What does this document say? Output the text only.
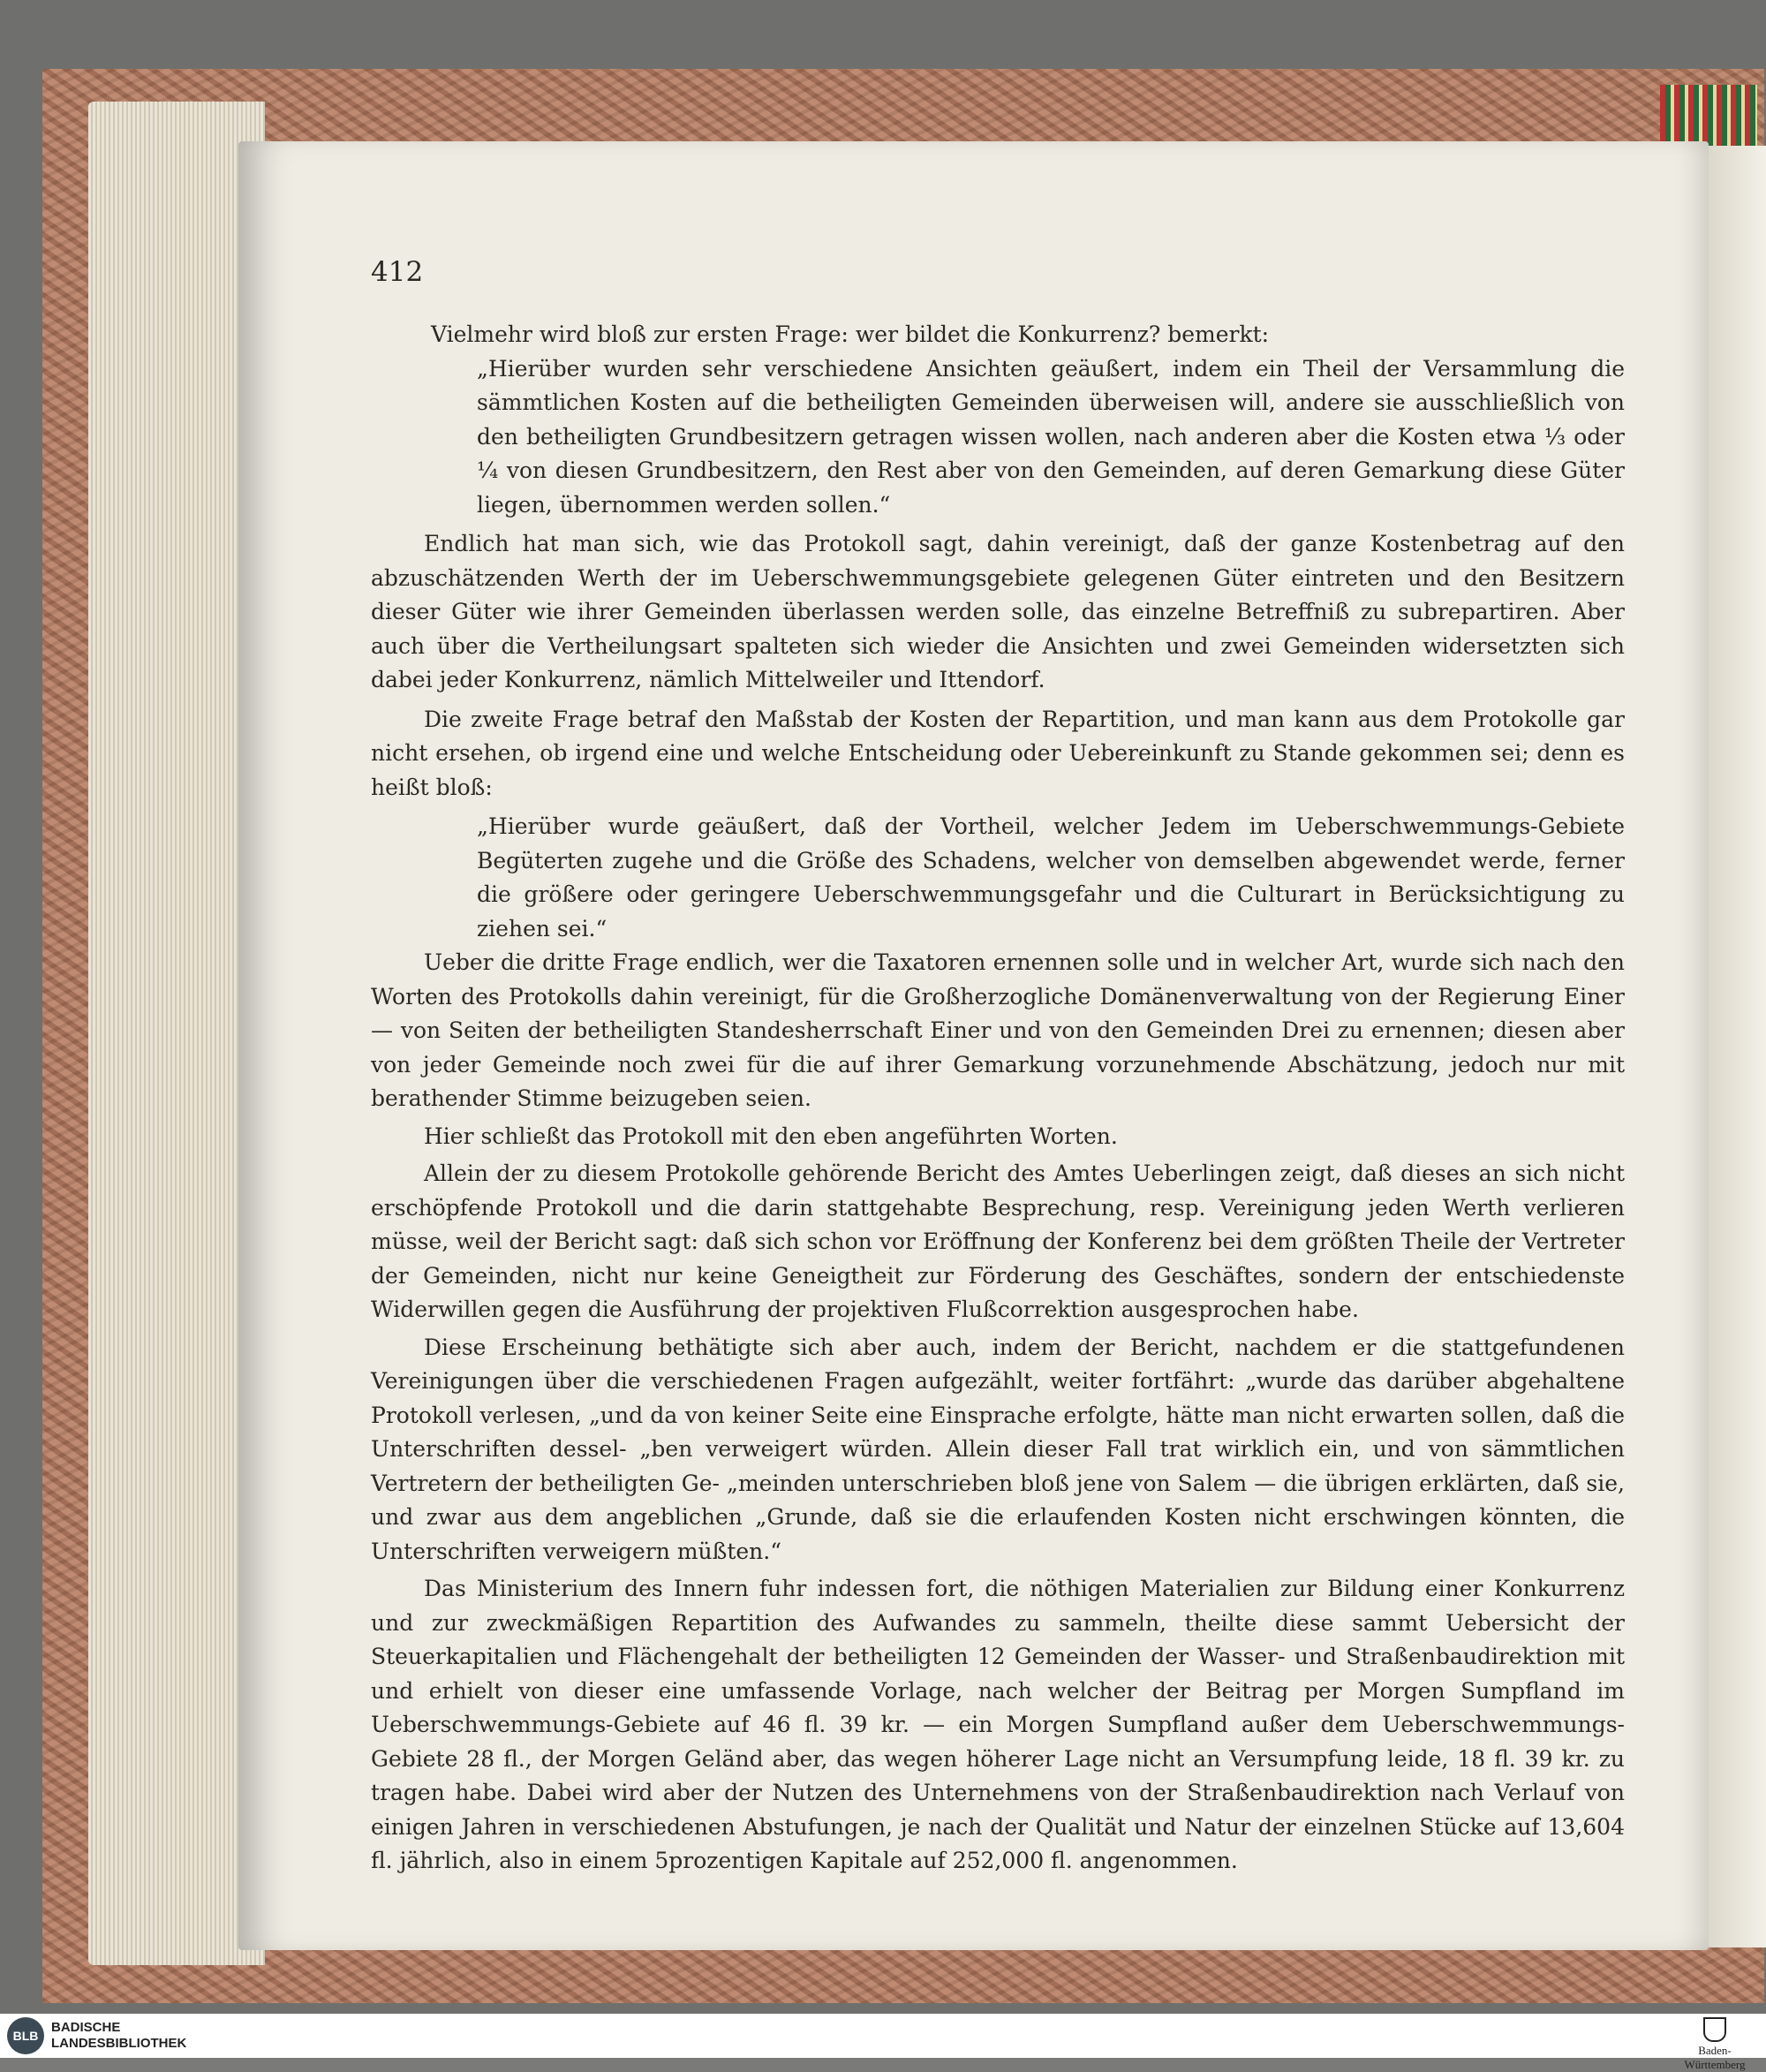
412

Vielmehr wird bloß zur ersten Frage: wer bildet die Konkurrenz? bemerkt:

„Hierüber wurden sehr verschiedene Ansichten geäußert, indem ein Theil der Versammlung die sämmtlichen Kosten auf die betheiligten Gemeinden überweisen will, andere sie ausschließlich von den betheiligten Grundbesitzern getragen wissen wollen, nach anderen aber die Kosten etwa ⅓ oder ¼ von diesen Grundbesitzern, den Rest aber von den Gemeinden, auf deren Gemarkung diese Güter liegen, übernommen werden sollen.“

Endlich hat man sich, wie das Protokoll sagt, dahin vereinigt, daß der ganze Kostenbetrag auf den abzuschätzenden Werth der im Ueberschwemmungsgebiete gelegenen Güter eintreten und den Besitzern dieser Güter wie ihrer Gemeinden überlassen werden solle, das einzelne Betreffniß zu subrepartiren. Aber auch über die Vertheilungsart spalteten sich wieder die Ansichten und zwei Gemeinden widersetzten sich dabei jeder Konkurrenz, nämlich Mittelweiler und Ittendorf.

Die zweite Frage betraf den Maßstab der Kosten der Repartition, und man kann aus dem Protokolle gar nicht ersehen, ob irgend eine und welche Entscheidung oder Uebereinkunft zu Stande gekommen sei; denn es heißt bloß:

„Hierüber wurde geäußert, daß der Vortheil, welcher Jedem im Ueberschwemmungs-Gebiete Begüterten zugehe und die Größe des Schadens, welcher von demselben abgewendet werde, ferner die größere oder geringere Ueberschwemmungsgefahr und die Culturart in Berücksichtigung zu ziehen sei.“

Ueber die dritte Frage endlich, wer die Taxatoren ernennen solle und in welcher Art, wurde sich nach den Worten des Protokolls dahin vereinigt, für die Großherzogliche Domänenverwaltung von der Regierung Einer — von Seiten der betheiligten Standesherrschaft Einer und von den Gemeinden Drei zu ernennen; diesen aber von jeder Gemeinde noch zwei für die auf ihrer Gemarkung vorzunehmende Abschätzung, jedoch nur mit berathender Stimme beizugeben seien.

Hier schließt das Protokoll mit den eben angeführten Worten.

Allein der zu diesem Protokolle gehörende Bericht des Amtes Ueberlingen zeigt, daß dieses an sich nicht erschöpfende Protokoll und die darin stattgehabte Besprechung, resp. Vereinigung jeden Werth verlieren müsse, weil der Bericht sagt: daß sich schon vor Eröffnung der Konferenz bei dem größten Theile der Vertreter der Gemeinden, nicht nur keine Geneigtheit zur Förderung des Geschäftes, sondern der entschiedenste Widerwillen gegen die Ausführung der projektiven Flußcorrektion ausgesprochen habe.

Diese Erscheinung bethätigte sich aber auch, indem der Bericht, nachdem er die stattgefundenen Vereinigungen über die verschiedenen Fragen aufgezählt, weiter fortfährt: „wurde das darüber abgehaltene Protokoll verlesen, „und da von keiner Seite eine Einsprache erfolgte, hätte man nicht erwarten sollen, daß die Unterschriften dessel- „ben verweigert würden. Allein dieser Fall trat wirklich ein, und von sämmtlichen Vertretern der betheiligten Ge- „meinden unterschrieben bloß jene von Salem — die übrigen erklärten, daß sie, und zwar aus dem angeblichen „Grunde, daß sie die erlaufenden Kosten nicht erschwingen könnten, die Unterschriften verweigern müßten.“

Das Ministerium des Innern fuhr indessen fort, die nöthigen Materialien zur Bildung einer Konkurrenz und zur zweckmäßigen Repartition des Aufwandes zu sammeln, theilte diese sammt Uebersicht der Steuerkapitalien und Flächengehalt der betheiligten 12 Gemeinden der Wasser- und Straßenbaudirektion mit und erhielt von dieser eine umfassende Vorlage, nach welcher der Beitrag per Morgen Sumpfland im Ueberschwemmungs-Gebiete auf 46 fl. 39 kr. — ein Morgen Sumpfland außer dem Ueberschwemmungs-Gebiete 28 fl., der Morgen Geländ aber, das wegen höherer Lage nicht an Versumpfung leide, 18 fl. 39 kr. zu tragen habe. Dabei wird aber der Nutzen des Unternehmens von der Straßenbaudirektion nach Verlauf von einigen Jahren in verschiedenen Abstufungen, je nach der Qualität und Natur der einzelnen Stücke auf 13,604 fl. jährlich, also in einem 5prozentigen Kapitale auf 252,000 fl. angenommen.

BLB
BADISCHE
LANDESBIBLIOTHEK	Baden-Württemberg
